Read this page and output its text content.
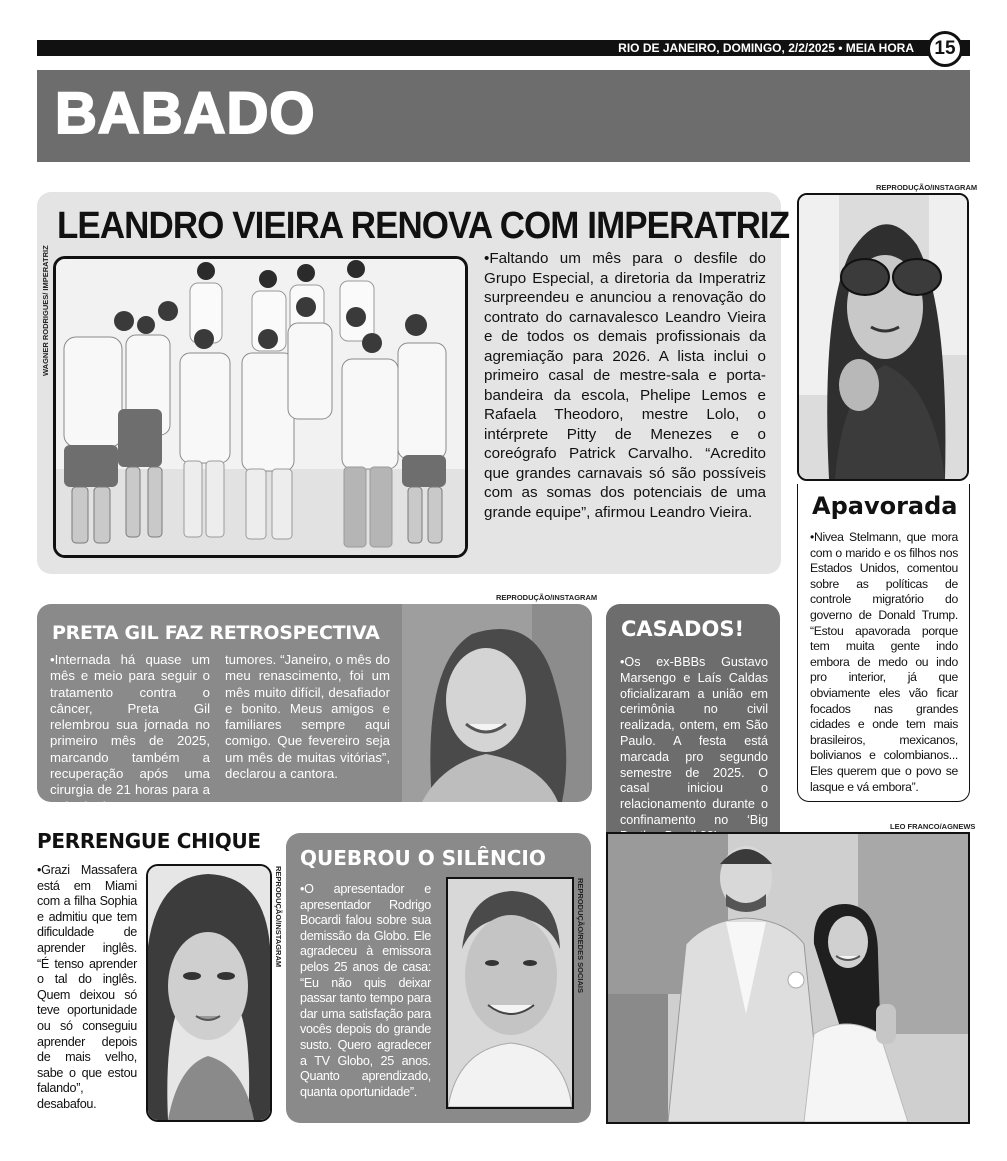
RIO DE JANEIRO, DOMINGO, 2/2/2025 • MEIA HORA	15
BABADO
LEANDRO VIEIRA RENOVA COM IMPERATRIZ
WAGNER RODRIGUES/ IMPERATRIZ	•Faltando um mês para o desfile do Grupo Especial, a diretoria da Imperatriz surpreendeu e anunciou a renovação do contrato do carnavalesco Leandro Vieira e de todos os demais profissionais da agremiação para 2026. A lista inclui o primeiro casal de mestre-sala e porta-bandeira da escola, Phelipe Lemos e Rafaela Theodoro, mestre Lolo, o intérprete Pitty de Menezes e o coreógrafo Patrick Carvalho. “Acredito que grandes carnavais só são possíveis com as somas dos potenciais de uma grande equipe”, afirmou Leandro Vieira.
REPRODUÇÃO/INSTAGRAM
Apavorada
•Nivea Stelmann, que mora com o marido e os filhos nos Estados Unidos, comentou sobre as políticas de controle migratório do governo de Donald Trump. “Estou apavorada porque tem muita gente indo embora de medo ou indo pro interior, já que obviamente eles vão ficar focados nas grandes cidades e onde tem mais brasileiros, mexicanos, bolivianos e colombianos... Eles querem que o povo se lasque e vá embora”.
REPRODUÇÃO/INSTAGRAM
PRETA GIL FAZ RETROSPECTIVA
•Internada há quase um mês e meio para seguir o tratamento contra o câncer, Preta Gil relembrou sua jornada no primeiro mês de 2025, marcando também a recuperação após uma cirurgia de 21 horas para a retirada de
tumores. “Janeiro, o mês do meu renascimento, foi um mês muito difícil, desafiador e bonito. Meus amigos e familiares sempre aqui comigo. Que fevereiro seja um mês de muitas vitórias”, declarou a cantora.
CASADOS!
•Os ex-BBBs Gustavo Marsengo e Laís Caldas oficializaram a união em cerimônia no civil realizada, ontem, em São Paulo. A festa está marcada pro segundo semestre de 2025. O casal iniciou o relacionamento durante o confinamento no ‘Big	LEO FRANCO/AGNEWS
PERRENGUE CHIQUE
•Grazi Massafera está em Miami com a filha Sophia e admitiu que tem dificuldade de aprender inglês. “É tenso aprender o tal do inglês. Quem deixou só teve oportunidade ou só conseguiu aprender depois de mais velho, sabe o que estou falando”, desabafou.
REPRODUÇÃO/INSTAGRAM
QUEBROU O SILÊNCIO
•O apresentador e apresentador Rodrigo Bocardi falou sobre sua demissão da Globo. Ele agradeceu à emissora pelos 25 anos de casa: “Eu não quis deixar passar tanto tempo para dar uma satisfação para vocês depois do grande susto. Quero agradecer a TV Globo, 25 anos. Quanto aprendizado, quanta oportunidade”.
REPRODUÇÃO/REDES SOCIAIS
